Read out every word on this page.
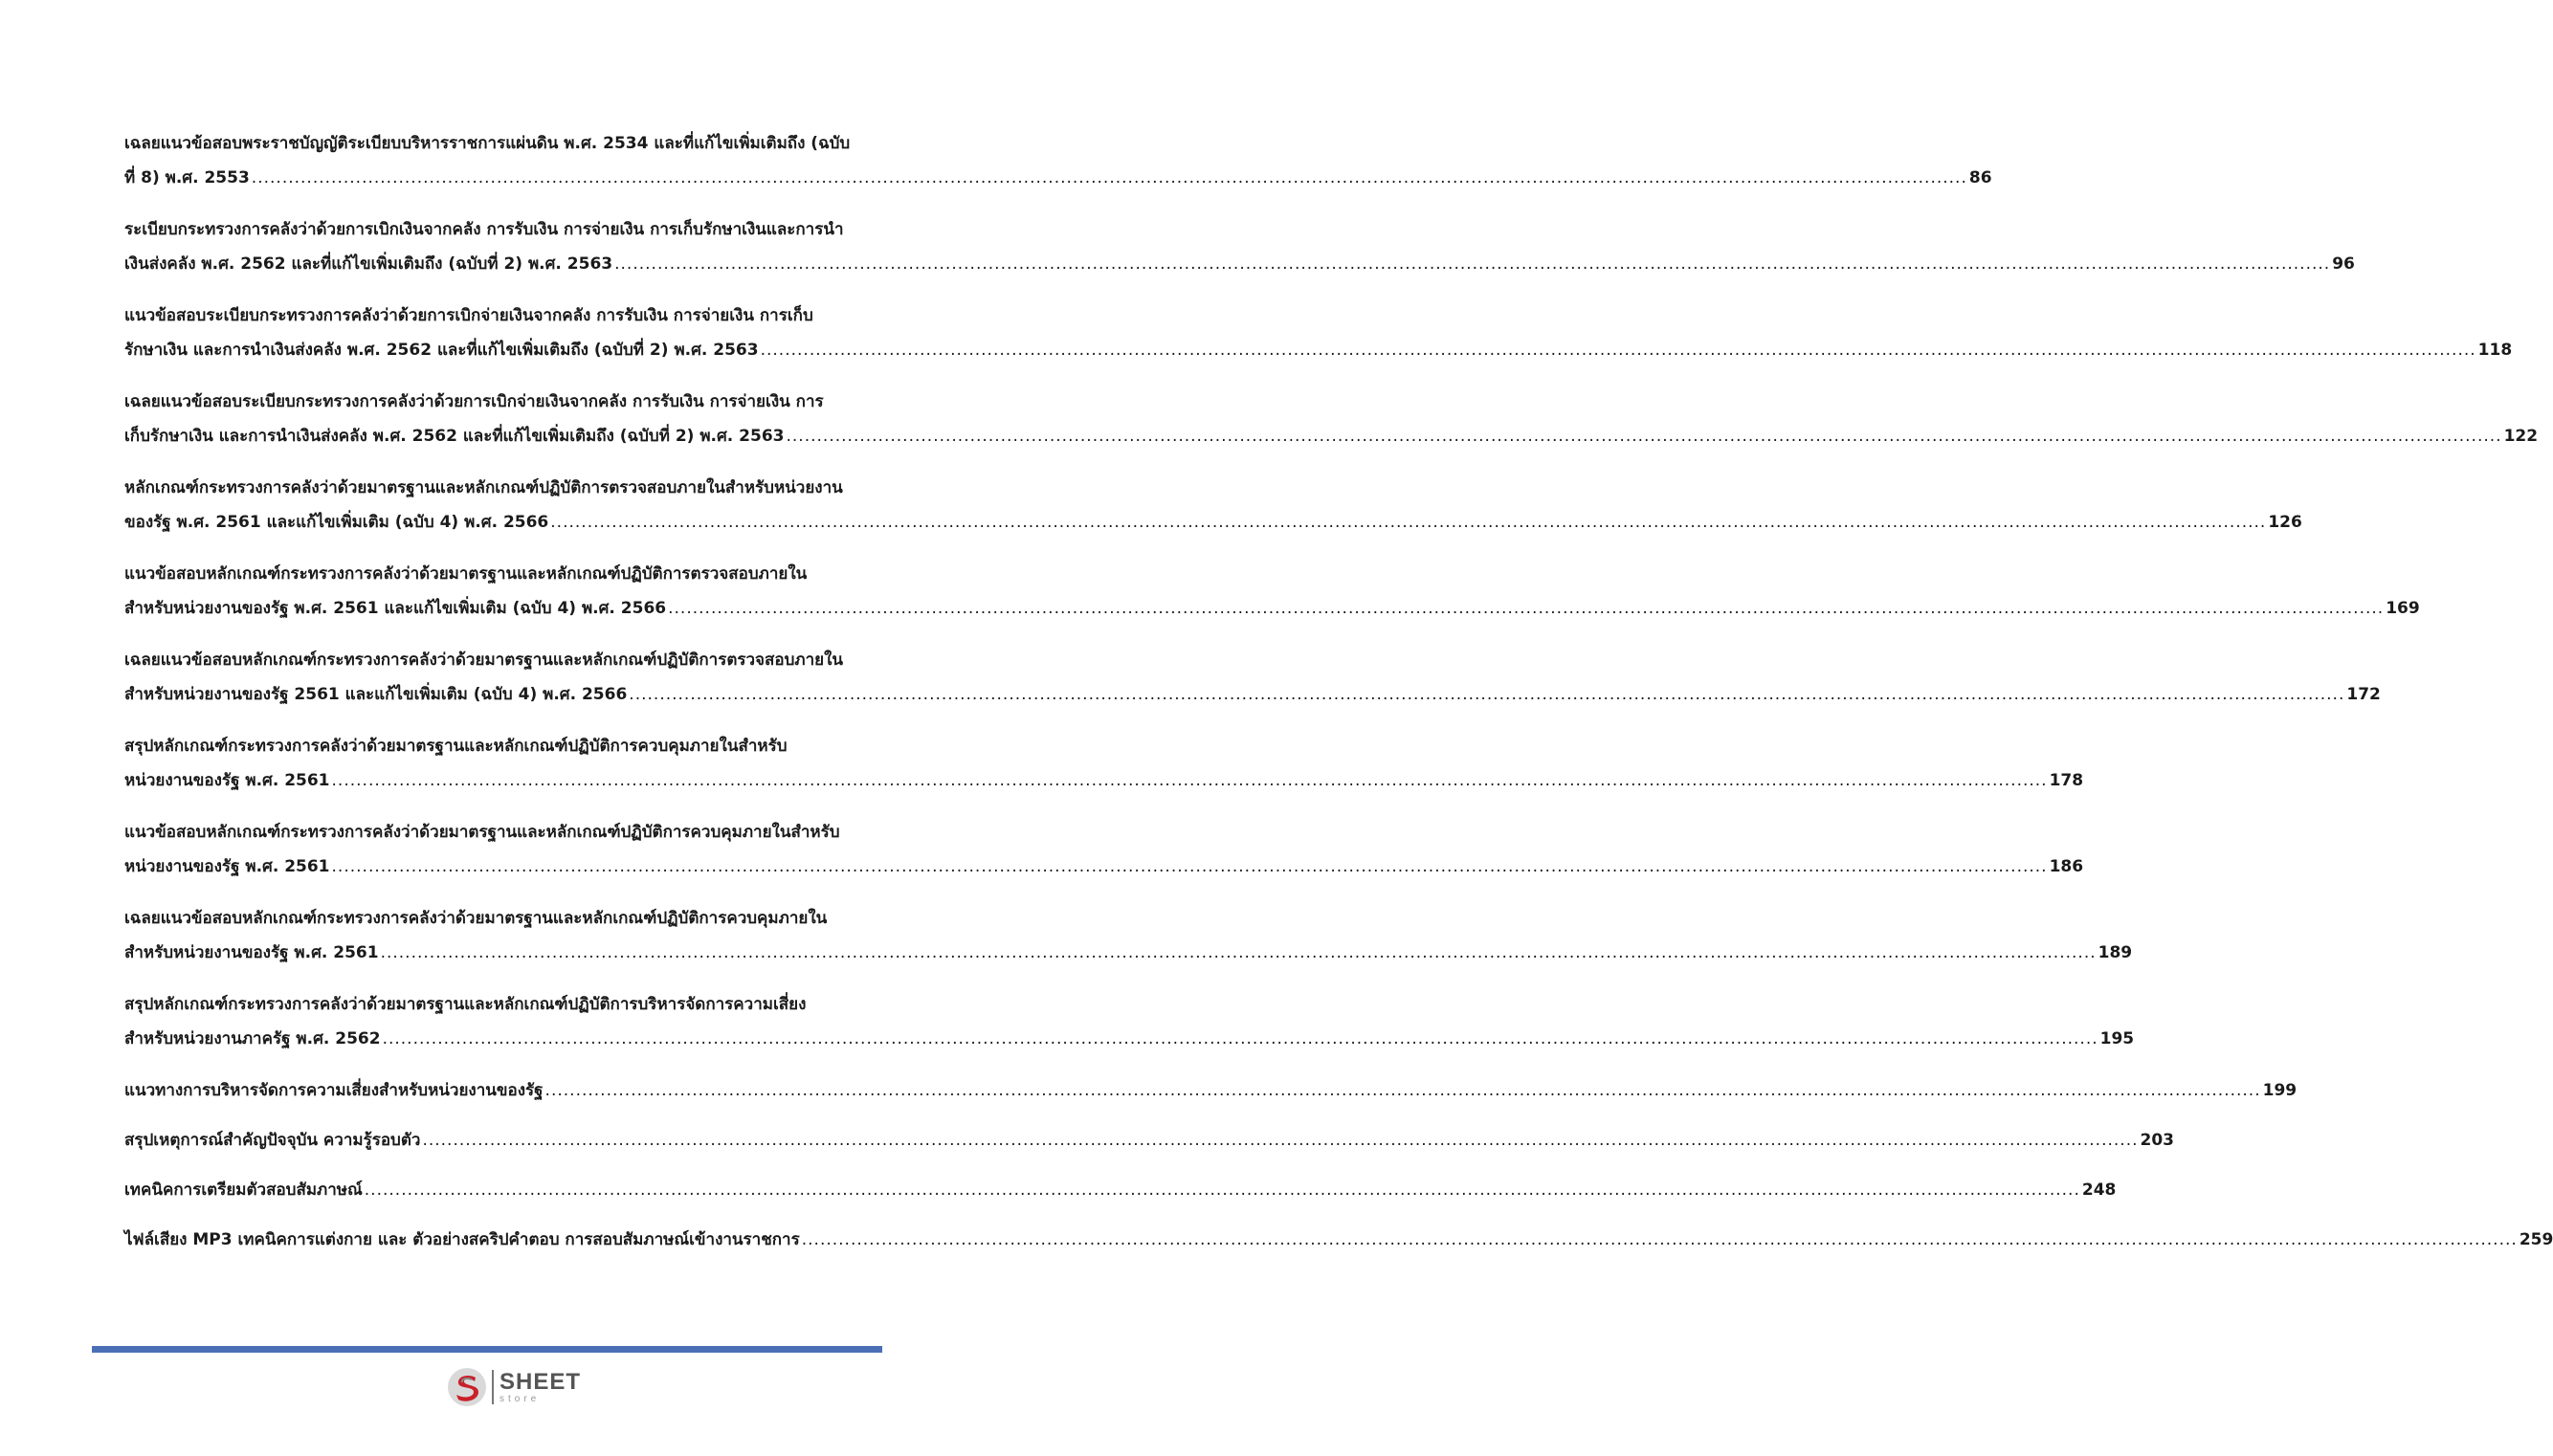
เฉลยแนวข้อสอบพระราชบัญญัติระเบียบบริหารราชการแผ่นดิน พ.ศ. 2534 และที่แก้ไขเพิ่มเติมถึง (ฉบับ
ที่ 8) พ.ศ. 2553 .....	86
ระเบียบกระทรวงการคลังว่าด้วยการเบิกเงินจากคลัง การรับเงิน การจ่ายเงิน การเก็บรักษาเงินและการนำ
เงินส่งคลัง พ.ศ. 2562 และที่แก้ไขเพิ่มเติมถึง (ฉบับที่ 2) พ.ศ. 2563 .....	96
แนวข้อสอบระเบียบกระทรวงการคลังว่าด้วยการเบิกจ่ายเงินจากคลัง การรับเงิน การจ่ายเงิน การเก็บ
รักษาเงิน และการนำเงินส่งคลัง พ.ศ. 2562 และที่แก้ไขเพิ่มเติมถึง (ฉบับที่ 2) พ.ศ. 2563 .....	118
เฉลยแนวข้อสอบระเบียบกระทรวงการคลังว่าด้วยการเบิกจ่ายเงินจากคลัง การรับเงิน การจ่ายเงิน การ
เก็บรักษาเงิน และการนำเงินส่งคลัง พ.ศ. 2562 และที่แก้ไขเพิ่มเติมถึง (ฉบับที่ 2) พ.ศ. 2563 .....	122
หลักเกณฑ์กระทรวงการคลังว่าด้วยมาตรฐานและหลักเกณฑ์ปฏิบัติการตรวจสอบภายในสำหรับหน่วยงาน
ของรัฐ พ.ศ. 2561 และแก้ไขเพิ่มเติม (ฉบับ 4) พ.ศ. 2566 .....	126
แนวข้อสอบหลักเกณฑ์กระทรวงการคลังว่าด้วยมาตรฐานและหลักเกณฑ์ปฏิบัติการตรวจสอบภายใน
สำหรับหน่วยงานของรัฐ พ.ศ. 2561 และแก้ไขเพิ่มเติม (ฉบับ 4) พ.ศ. 2566 .....	169
เฉลยแนวข้อสอบหลักเกณฑ์กระทรวงการคลังว่าด้วยมาตรฐานและหลักเกณฑ์ปฏิบัติการตรวจสอบภายใน
สำหรับหน่วยงานของรัฐ 2561 และแก้ไขเพิ่มเติม (ฉบับ 4) พ.ศ. 2566 .....	172
สรุปหลักเกณฑ์กระทรวงการคลังว่าด้วยมาตรฐานและหลักเกณฑ์ปฏิบัติการควบคุมภายในสำหรับ
หน่วยงานของรัฐ พ.ศ. 2561 .....	178
แนวข้อสอบหลักเกณฑ์กระทรวงการคลังว่าด้วยมาตรฐานและหลักเกณฑ์ปฏิบัติการควบคุมภายในสำหรับ
หน่วยงานของรัฐ พ.ศ. 2561 .....	186
เฉลยแนวข้อสอบหลักเกณฑ์กระทรวงการคลังว่าด้วยมาตรฐานและหลักเกณฑ์ปฏิบัติการควบคุมภายใน
สำหรับหน่วยงานของรัฐ พ.ศ. 2561 .....	189
สรุปหลักเกณฑ์กระทรวงการคลังว่าด้วยมาตรฐานและหลักเกณฑ์ปฏิบัติการบริหารจัดการความเสี่ยง
สำหรับหน่วยงานภาครัฐ พ.ศ. 2562 .....	195
แนวทางการบริหารจัดการความเสี่ยงสำหรับหน่วยงานของรัฐ .....	199
สรุปเหตุการณ์สำคัญปัจจุบัน ความรู้รอบตัว .....	203
เทคนิคการเตรียมตัวสอบสัมภาษณ์ .....	248
ไฟล์เสียง MP3 เทคนิคการแต่งกาย และ ตัวอย่างสคริปคำตอบ การสอบสัมภาษณ์เข้างานราชการ .....	259
SHEET
store
